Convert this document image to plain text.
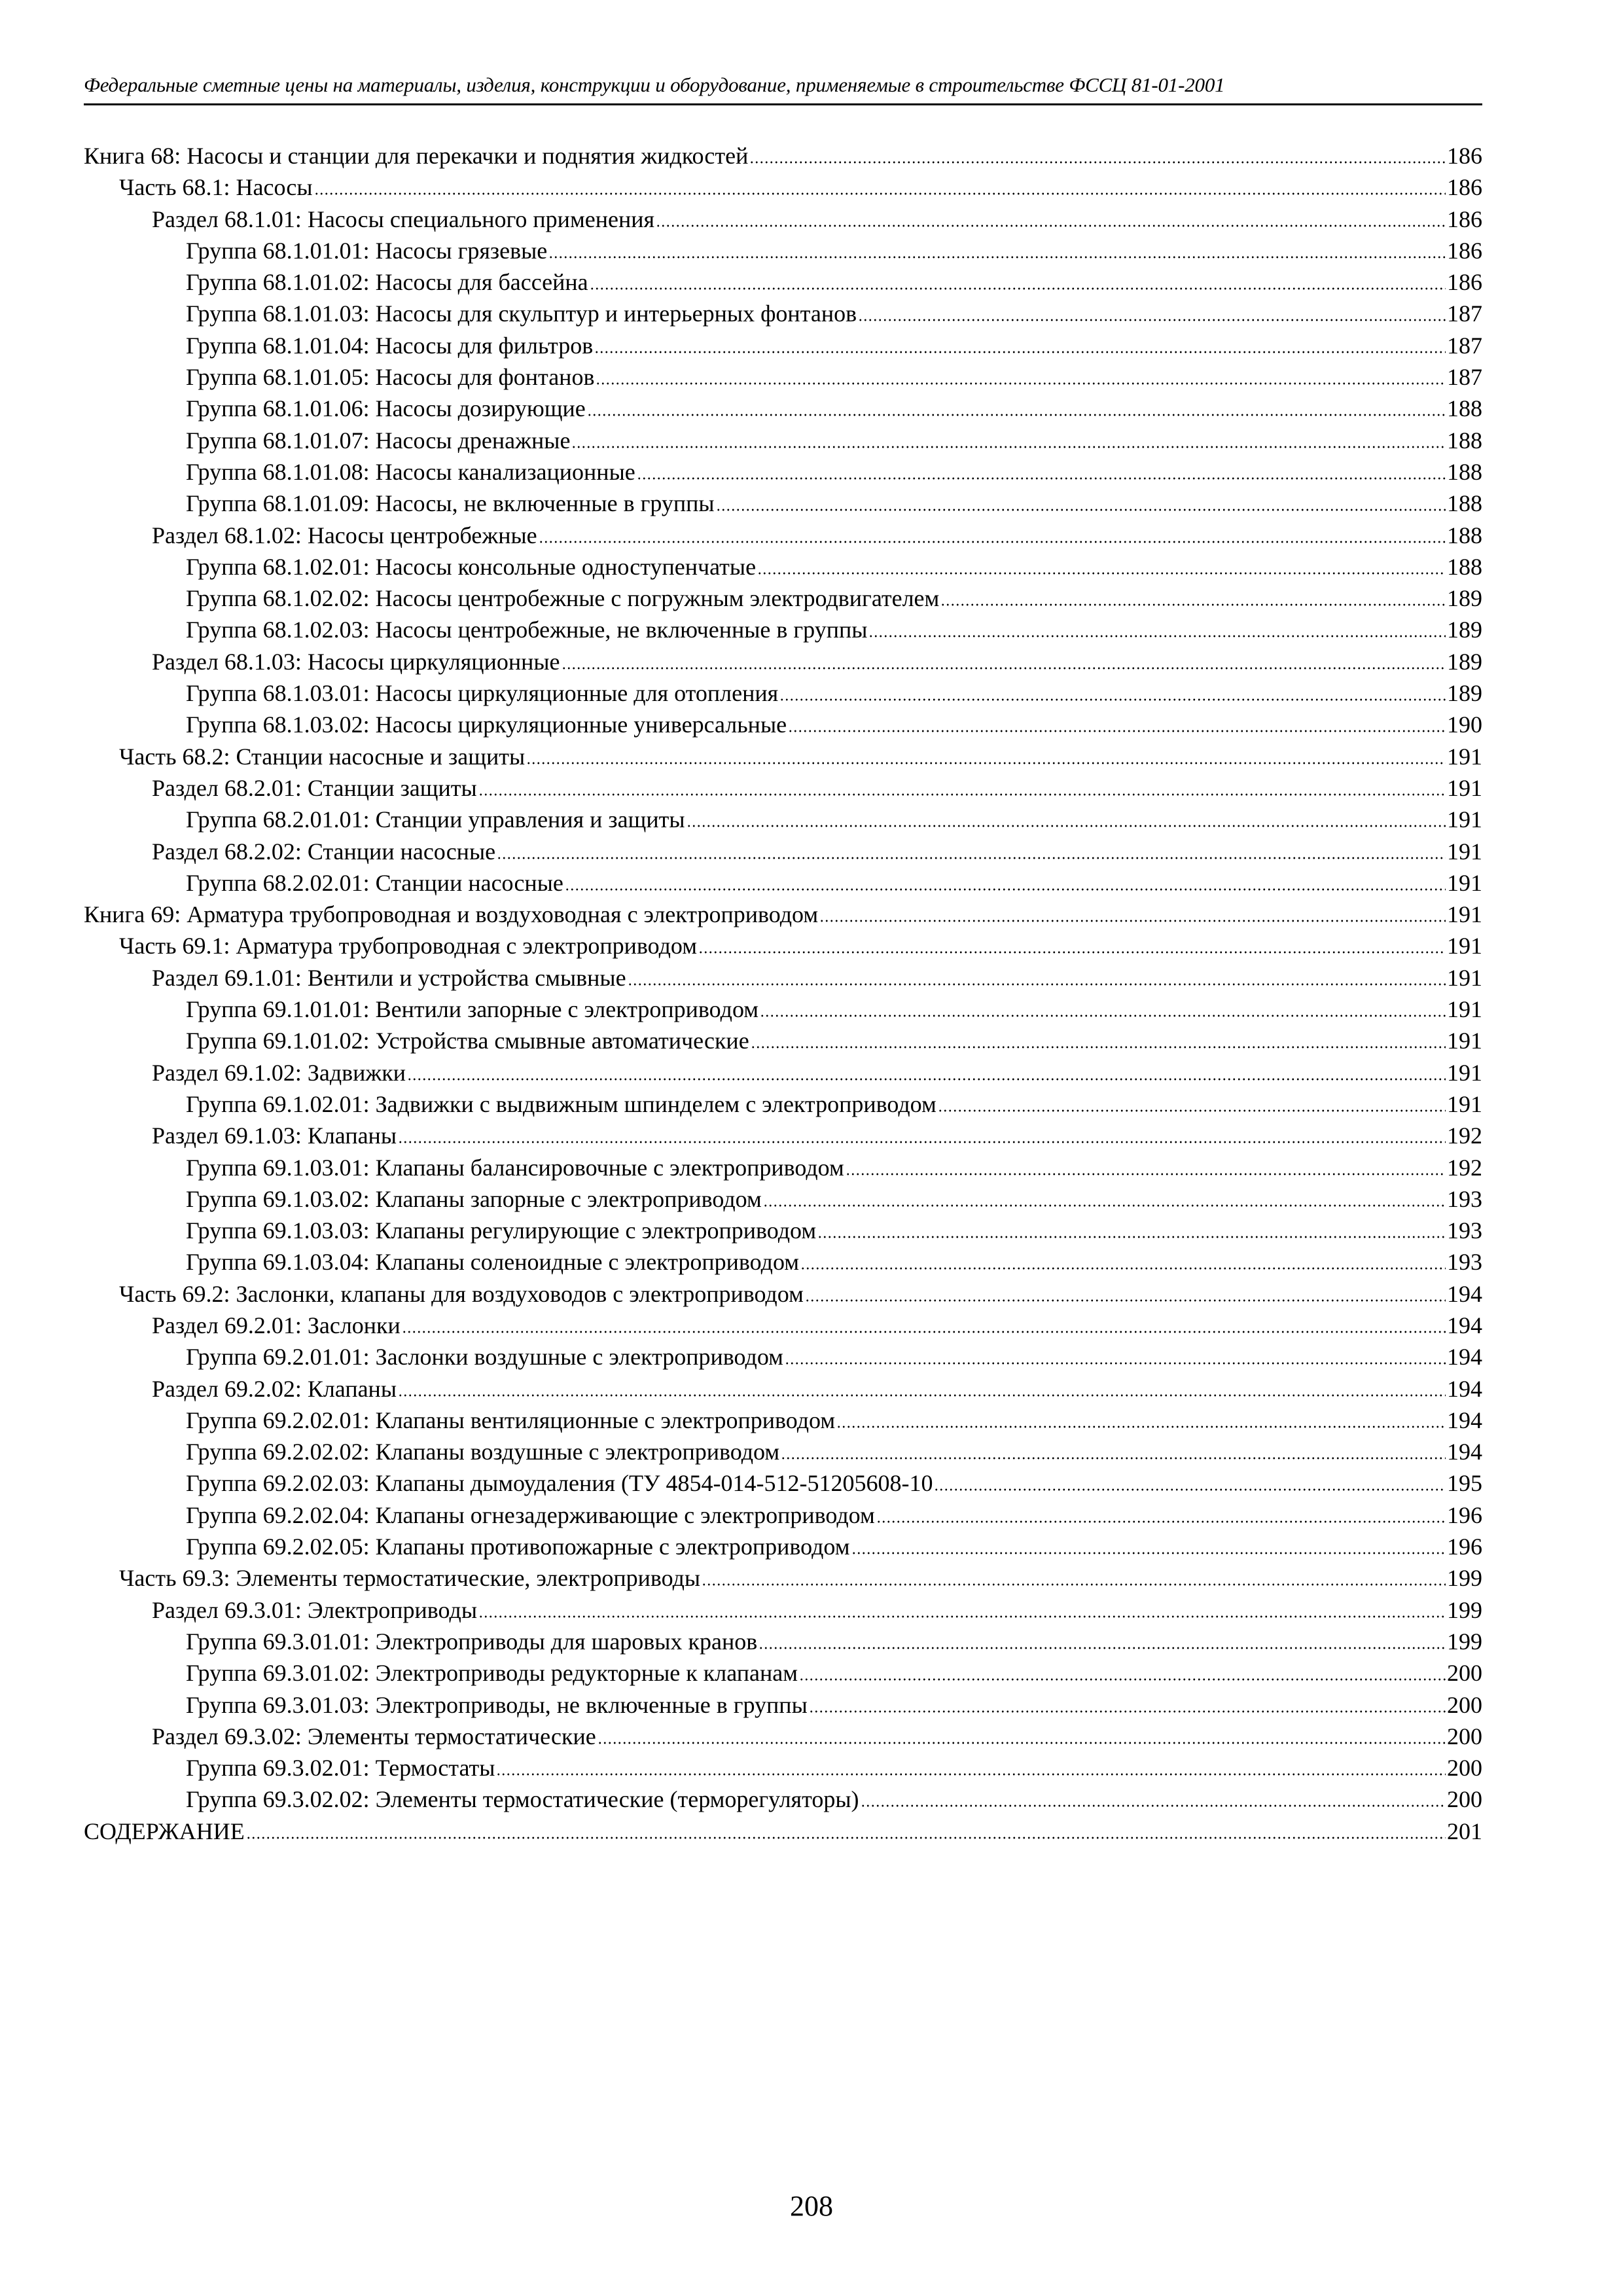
Федеральные сметные цены на материалы, изделия, конструкции и оборудование, применяемые в строительстве ФССЦ 81-01-2001
Книга 68: Насосы и станции для перекачки и поднятия жидкостей	186
Часть 68.1: Насосы	186
Раздел 68.1.01: Насосы специального применения	186
Группа 68.1.01.01: Насосы грязевые	186
Группа 68.1.01.02: Насосы для бассейна	186
Группа 68.1.01.03: Насосы для скульптур и интерьерных фонтанов	187
Группа 68.1.01.04: Насосы для фильтров	187
Группа 68.1.01.05: Насосы для фонтанов	187
Группа 68.1.01.06: Насосы дозирующие	188
Группа 68.1.01.07: Насосы дренажные	188
Группа 68.1.01.08: Насосы канализационные	188
Группа 68.1.01.09: Насосы, не включенные в группы	188
Раздел 68.1.02: Насосы центробежные	188
Группа 68.1.02.01: Насосы консольные одноступенчатые	188
Группа 68.1.02.02: Насосы центробежные с погружным электродвигателем	189
Группа 68.1.02.03: Насосы центробежные, не включенные в группы	189
Раздел 68.1.03: Насосы циркуляционные	189
Группа 68.1.03.01: Насосы циркуляционные для отопления	189
Группа 68.1.03.02: Насосы циркуляционные универсальные	190
Часть 68.2: Станции насосные и защиты	191
Раздел 68.2.01: Станции защиты	191
Группа 68.2.01.01: Станции управления и защиты	191
Раздел 68.2.02: Станции насосные	191
Группа 68.2.02.01: Станции насосные	191
Книга 69: Арматура трубопроводная и воздуховодная с электроприводом	191
Часть 69.1: Арматура трубопроводная с электроприводом	191
Раздел 69.1.01: Вентили и устройства смывные	191
Группа 69.1.01.01: Вентили запорные с электроприводом	191
Группа 69.1.01.02: Устройства смывные автоматические	191
Раздел 69.1.02: Задвижки	191
Группа 69.1.02.01: Задвижки с выдвижным шпинделем с электроприводом	191
Раздел 69.1.03: Клапаны	192
Группа 69.1.03.01: Клапаны балансировочные с электроприводом	192
Группа 69.1.03.02: Клапаны запорные с электроприводом	193
Группа 69.1.03.03: Клапаны регулирующие с электроприводом	193
Группа 69.1.03.04: Клапаны соленоидные с электроприводом	193
Часть 69.2: Заслонки, клапаны для воздуховодов с электроприводом	194
Раздел 69.2.01: Заслонки	194
Группа 69.2.01.01: Заслонки воздушные с электроприводом	194
Раздел 69.2.02: Клапаны	194
Группа 69.2.02.01: Клапаны вентиляционные с электроприводом	194
Группа 69.2.02.02: Клапаны воздушные с электроприводом	194
Группа 69.2.02.03: Клапаны дымоудаления (ТУ 4854-014-512-51205608-10	195
Группа 69.2.02.04: Клапаны огнезадерживающие с электроприводом	196
Группа 69.2.02.05: Клапаны противопожарные с электроприводом	196
Часть 69.3: Элементы термостатические, электроприводы	199
Раздел 69.3.01: Электроприводы	199
Группа 69.3.01.01: Электроприводы для шаровых кранов	199
Группа 69.3.01.02: Электроприводы редукторные к клапанам	200
Группа 69.3.01.03: Электроприводы, не включенные в группы	200
Раздел 69.3.02: Элементы термостатические	200
Группа 69.3.02.01: Термостаты	200
Группа 69.3.02.02: Элементы термостатические (терморегуляторы)	200
СОДЕРЖАНИЕ	201
208
